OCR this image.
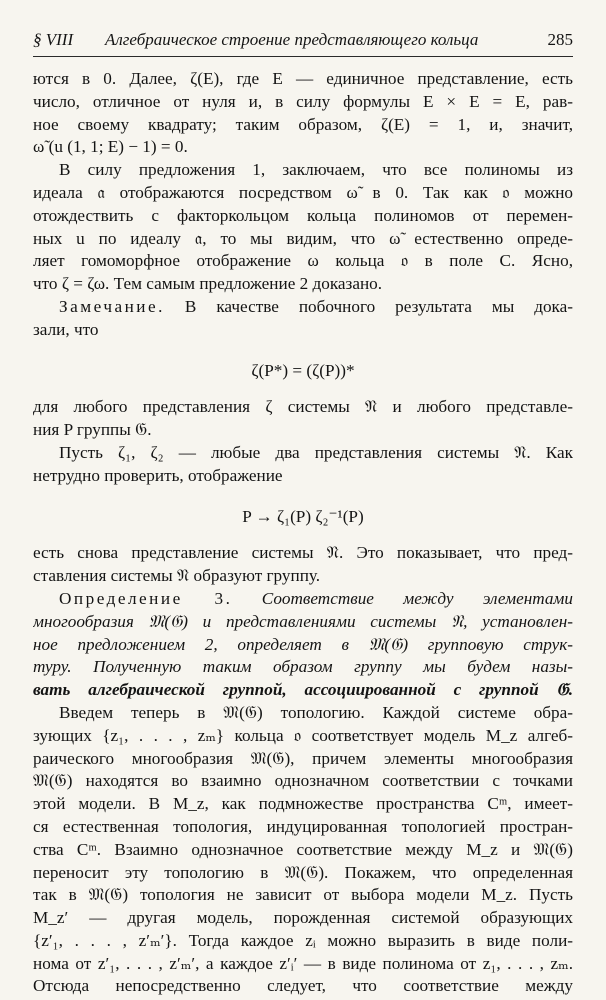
§ VIII Алгебраическое строение представляющего кольца	285
ются в 0. Далее, ζ(E), где E — единичное представление, есть
число, отличное от нуля и, в силу формулы E × E = E, рав-
ное своему квадрату; таким образом, ζ(E) = 1, и, значит,
ω̃ (u (1, 1; E) − 1) = 0.
В силу предложения 1, заключаем, что все полиномы из
идеала 𝔞 отображаются посредством ω̃ в 0. Так как 𝔬 можно
отождествить с факторкольцом кольца полиномов от перемен-
ных u по идеалу 𝔞, то мы видим, что ω̃ естественно опреде-
ляет гомоморфное отображение ω кольца 𝔬 в поле C. Ясно,
что ζ = ζω. Тем самым предложение 2 доказано.
Замечание. В качестве побочного результата мы дока-
зали, что
ζ(P*) = (ζ(P))*
для любого представления ζ системы 𝔑 и любого представле-
ния P группы 𝔊.
Пусть ζ₁, ζ₂ — любые два представления системы 𝔑. Как
нетрудно проверить, отображение
P → ζ₁(P) ζ₂⁻¹(P)
есть снова представление системы 𝔑. Это показывает, что пред-
ставления системы 𝔑 образуют группу.
Определение 3. Соответствие между элементами
многообразия 𝔐(𝔊) и представлениями системы 𝔑, установлен-
ное предложением 2, определяет в 𝔐(𝔊) групповую струк-
туру. Полученную таким образом группу мы будем назы-
вать алгебраической группой, ассоциированной с группой 𝔊.
Введем теперь в 𝔐(𝔊) топологию. Каждой системе обра-
зующих {z₁, . . . , zₘ} кольца 𝔬 соответствует модель M_z алгеб-
раического многообразия 𝔐(𝔊), причем элементы многообразия
𝔐(𝔊) находятся во взаимно однозначном соответствии с точками
этой модели. В M_z, как подмножестве пространства Cᵐ, имеет-
ся естественная топология, индуцированная топологией простран-
ства Cᵐ. Взаимно однозначное соответствие между M_z и 𝔐(𝔊)
переносит эту топологию в 𝔐(𝔊). Покажем, что определенная
так в 𝔐(𝔊) топология не зависит от выбора модели M_z. Пусть
M_z′ — другая модель, порожденная системой образующих
{z′₁, . . . , z′ₘ′}. Тогда каждое zᵢ можно выразить в виде поли-
нома от z′₁, . . . , z′ₘ′, а каждое z′ᵢ′ — в виде полинома от z₁, . . . , zₘ.
Отсюда непосредственно следует, что соответствие между
